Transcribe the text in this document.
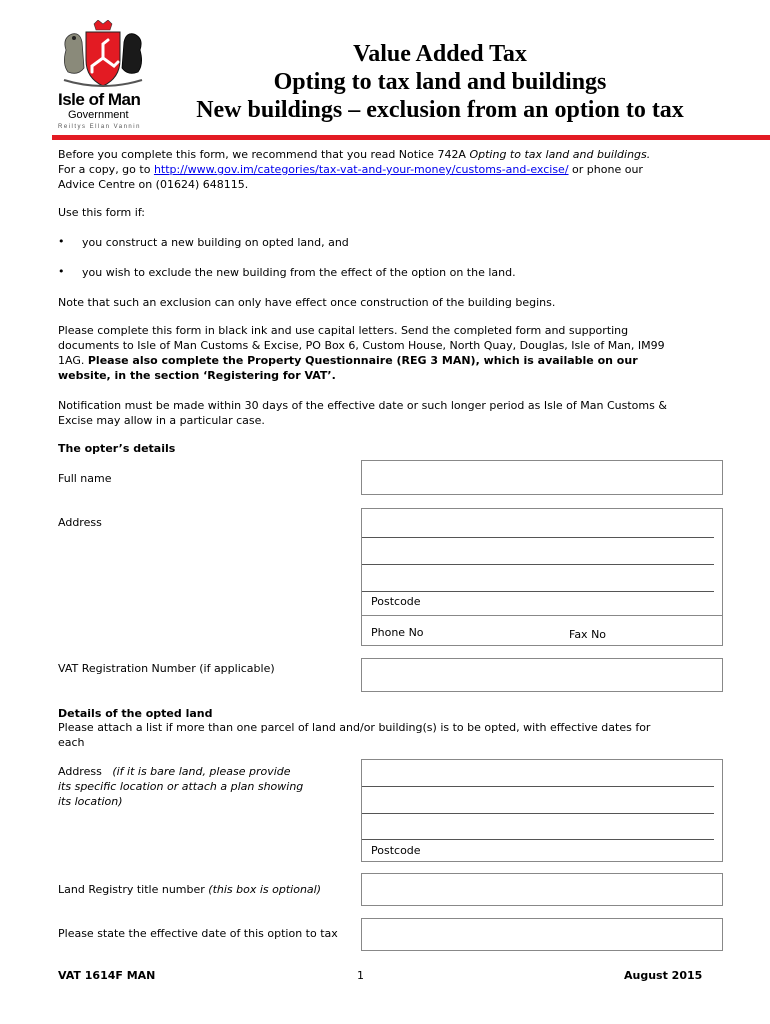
Isle of Man
Government
Reiltys Ellan Vannin
Value Added Tax
Opting to tax land and buildings
New buildings – exclusion from an option to tax
Before you complete this form, we recommend that you read Notice 742A Opting to tax land and buildings.
For a copy, go to http://www.gov.im/categories/tax-vat-and-your-money/customs-and-excise/ or phone our
Advice Centre on (01624) 648115.
Use this form if:
• you construct a new building on opted land, and
• you wish to exclude the new building from the effect of the option on the land.
Note that such an exclusion can only have effect once construction of the building begins.
Please complete this form in black ink and use capital letters. Send the completed form and supporting
documents to Isle of Man Customs & Excise, PO Box 6, Custom House, North Quay, Douglas, Isle of Man, IM99
1AG. Please also complete the Property Questionnaire (REG 3 MAN), which is available on our
website, in the section ‘Registering for VAT’.
Notification must be made within 30 days of the effective date or such longer period as Isle of Man Customs &
Excise may allow in a particular case.
The opter’s details
Full name
Address
Postcode
Phone No	Fax No
VAT Registration Number (if applicable)
Details of the opted land
Please attach a list if more than one parcel of land and/or building(s) is to be opted, with effective dates for
each
Address (if it is bare land, please provide
its specific location or attach a plan showing
its location)
Postcode
Land Registry title number (this box is optional)
Please state the effective date of this option to tax
VAT 1614F MAN	1	August 2015
